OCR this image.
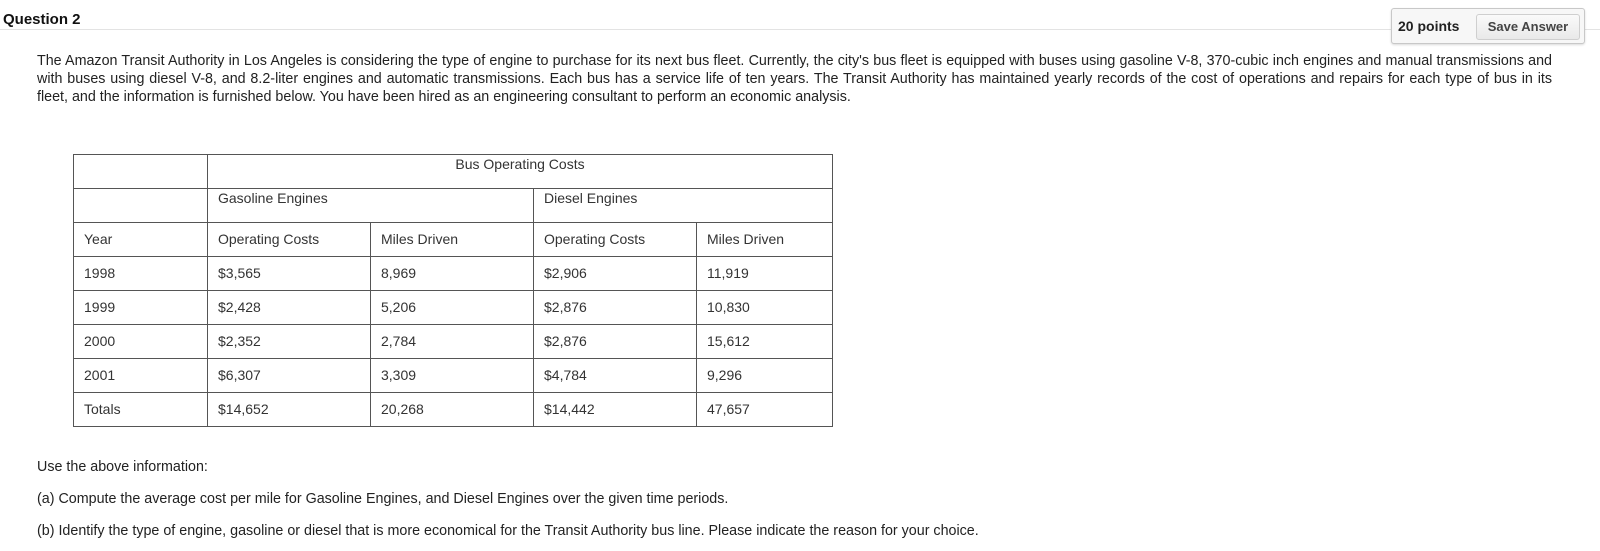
Question 2	20 points	Save Answer
The Amazon Transit Authority in Los Angeles is considering the type of engine to purchase for its next bus fleet. Currently, the city's bus fleet is equipped with buses using gasoline V-8, 370-cubic inch engines and manual transmissions and with buses using diesel V-8, and 8.2-liter engines and automatic transmissions. Each bus has a service life of ten years. The Transit Authority has maintained yearly records of the cost of operations and repairs for each type of bus in its fleet, and the information is furnished below. You have been hired as an engineering consultant to perform an economic analysis.
	Bus Operating Costs			
	Gasoline Engines		Diesel Engines	
Year	Operating Costs	Miles Driven	Operating Costs	Miles Driven
1998	$3,565	8,969	$2,906	11,919
1999	$2,428	5,206	$2,876	10,830
2000	$2,352	2,784	$2,876	15,612
2001	$6,307	3,309	$4,784	9,296
Totals	$14,652	20,268	$14,442	47,657
Use the above information:
(a) Compute the average cost per mile for Gasoline Engines, and Diesel Engines over the given time periods.
(b) Identify the type of engine, gasoline or diesel that is more economical for the Transit Authority bus line. Please indicate the reason for your choice.
